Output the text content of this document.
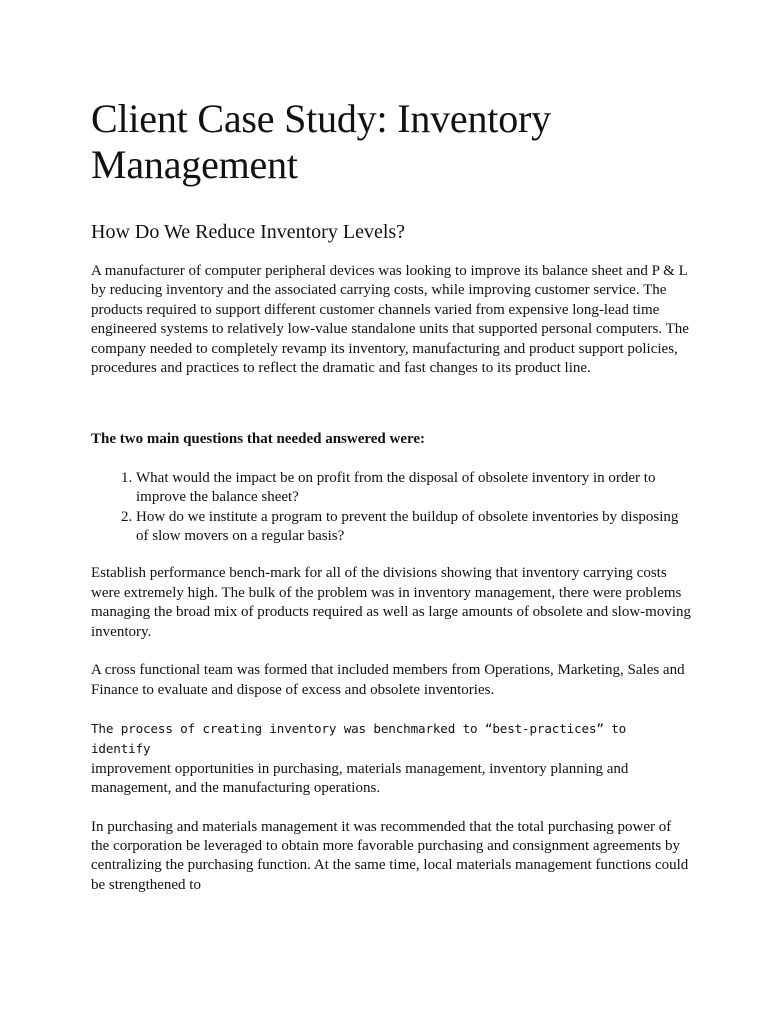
Client Case Study: Inventory Management
How Do We Reduce Inventory Levels?

A manufacturer of computer peripheral devices was looking to improve its balance sheet and P & L by reducing inventory and the associated carrying costs, while improving customer service. The products required to support different customer channels varied from expensive long-lead time engineered systems to relatively low-value standalone units that supported personal computers. The company needed to completely revamp its inventory, manufacturing and product support policies, procedures and practices to reflect the dramatic and fast changes to its product line.

The two main questions that needed answered were:

1. What would the impact be on profit from the disposal of obsolete inventory in order to improve the balance sheet?
2. How do we institute a program to prevent the buildup of obsolete inventories by disposing of slow movers on a regular basis?

Establish performance bench-mark for all of the divisions showing that inventory carrying costs were extremely high. The bulk of the problem was in inventory management, there were problems managing the broad mix of products required as well as large amounts of obsolete and slow-moving inventory.

A cross functional team was formed that included members from Operations, Marketing, Sales and Finance to evaluate and dispose of excess and obsolete inventories.

The process of creating inventory was benchmarked to “best-practices” to identify
improvement opportunities in purchasing, materials management, inventory planning and management, and the manufacturing operations.

In purchasing and materials management it was recommended that the total purchasing power of the corporation be leveraged to obtain more favorable purchasing and consignment agreements by centralizing the purchasing function. At the same time, local materials management functions could be strengthened to
